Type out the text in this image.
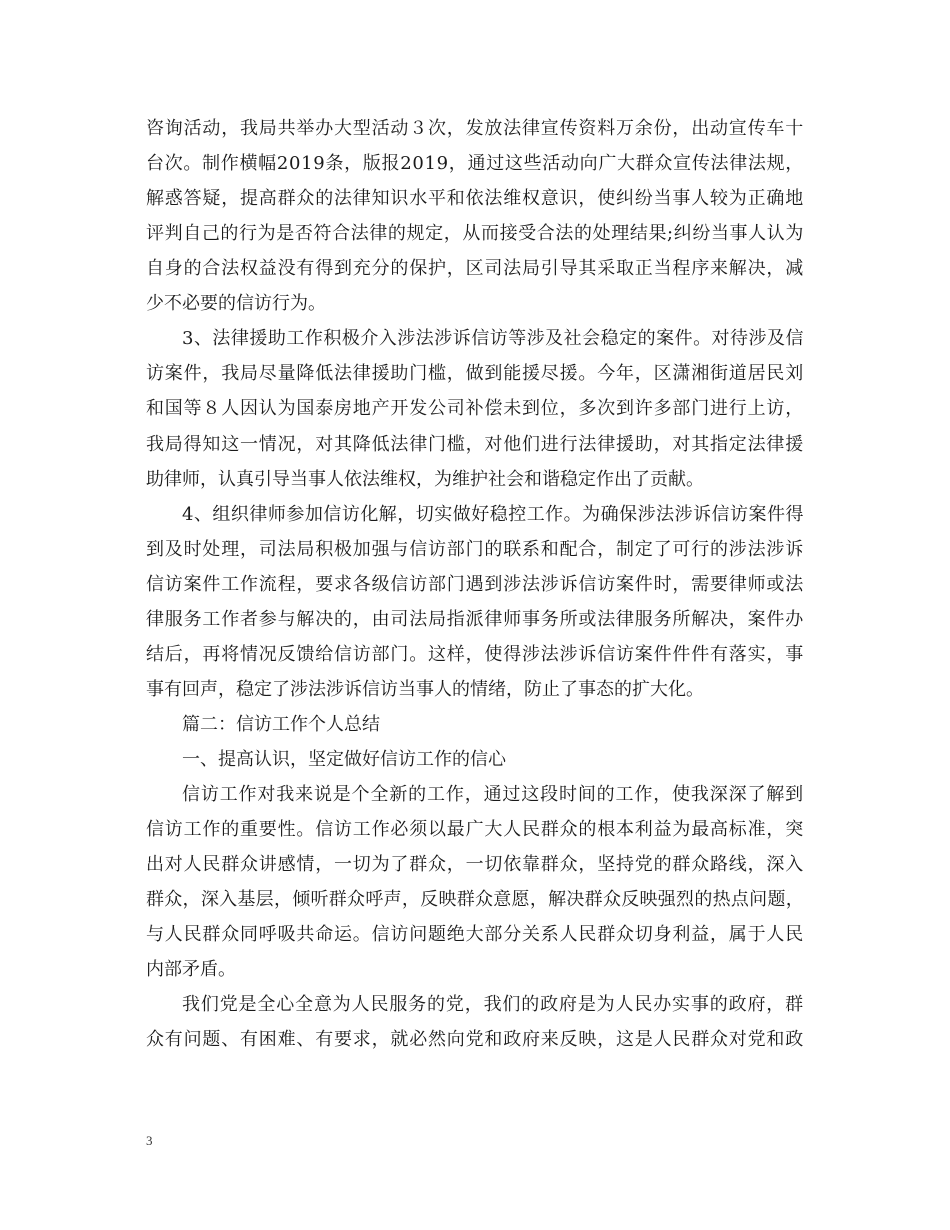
咨询活动，我局共举办大型活动３次，发放法律宣传资料万余份，出动宣传车十
台次。制作横幅2019条，版报2019，通过这些活动向广大群众宣传法律法规，
解惑答疑，提高群众的法律知识水平和依法维权意识，使纠纷当事人较为正确地
评判自己的行为是否符合法律的规定，从而接受合法的处理结果;纠纷当事人认为
自身的合法权益没有得到充分的保护，区司法局引导其采取正当程序来解决，减
少不必要的信访行为。
3、法律援助工作积极介入涉法涉诉信访等涉及社会稳定的案件。对待涉及信
访案件，我局尽量降低法律援助门槛，做到能援尽援。今年，区潇湘街道居民刘
和国等８人因认为国泰房地产开发公司补偿未到位，多次到许多部门进行上访，
我局得知这一情况，对其降低法律门槛，对他们进行法律援助，对其指定法律援
助律师，认真引导当事人依法维权，为维护社会和谐稳定作出了贡献。
4、组织律师参加信访化解，切实做好稳控工作。为确保涉法涉诉信访案件得
到及时处理，司法局积极加强与信访部门的联系和配合，制定了可行的涉法涉诉
信访案件工作流程，要求各级信访部门遇到涉法涉诉信访案件时，需要律师或法
律服务工作者参与解决的，由司法局指派律师事务所或法律服务所解决，案件办
结后，再将情况反馈给信访部门。这样，使得涉法涉诉信访案件件件有落实，事
事有回声，稳定了涉法涉诉信访当事人的情绪，防止了事态的扩大化。
篇二：信访工作个人总结
一、提高认识，坚定做好信访工作的信心
信访工作对我来说是个全新的工作，通过这段时间的工作，使我深深了解到
信访工作的重要性。信访工作必须以最广大人民群众的根本利益为最高标准，突
出对人民群众讲感情，一切为了群众，一切依靠群众，坚持党的群众路线，深入
群众，深入基层，倾听群众呼声，反映群众意愿，解决群众反映强烈的热点问题，
与人民群众同呼吸共命运。信访问题绝大部分关系人民群众切身利益，属于人民
内部矛盾。
我们党是全心全意为人民服务的党，我们的政府是为人民办实事的政府，群
众有问题、有困难、有要求，就必然向党和政府来反映，这是人民群众对党和政
3
